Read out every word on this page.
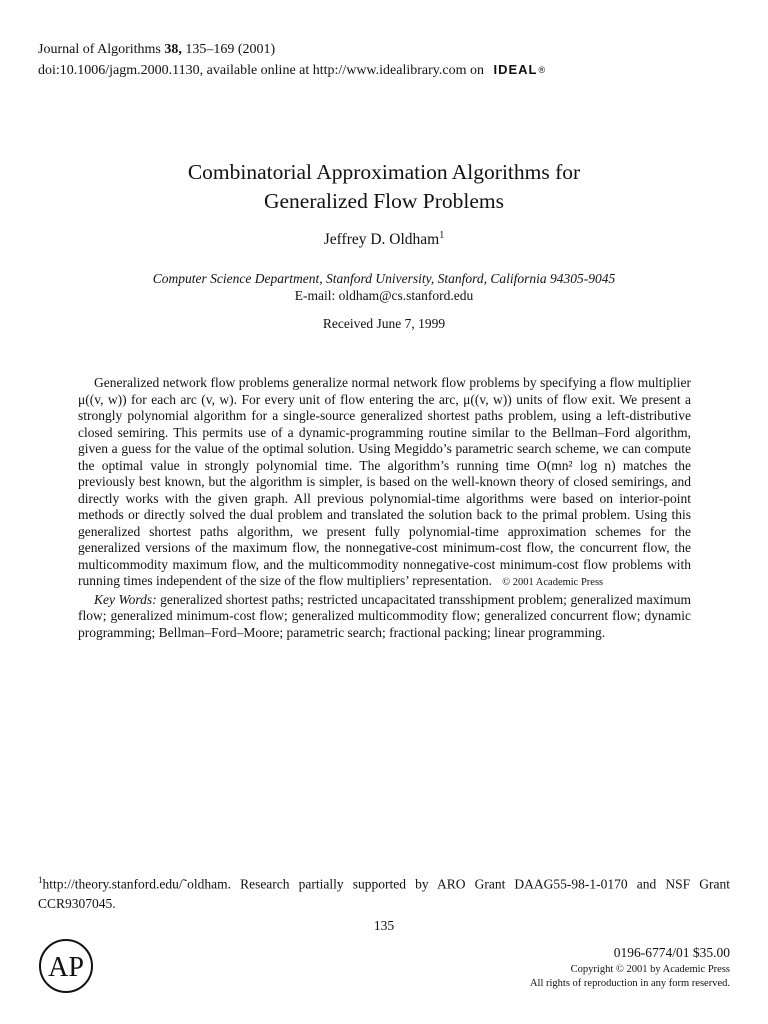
Journal of Algorithms 38, 135–169 (2001)
doi:10.1006/jagm.2000.1130, available online at http://www.idealibrary.com on IDEAL ®
Combinatorial Approximation Algorithms for
Generalized Flow Problems
Jeffrey D. Oldham$^1$
Computer Science Department, Stanford University, Stanford, California 94305-9045
E-mail: oldham@cs.stanford.edu
Received June 7, 1999

Generalized network flow problems generalize normal network flow problems by specifying a flow multiplier μ((v, w)) for each arc (v, w). For every unit of flow entering the arc, μ((v, w)) units of flow exit. We present a strongly polynomial algorithm for a single-source generalized shortest paths problem, using a left-distributive closed semiring. This permits use of a dynamic-programming routine similar to the Bellman–Ford algorithm, given a guess for the value of the optimal solution. Using Megiddo’s parametric search scheme, we can compute the optimal value in strongly polynomial time. The algorithm’s running time O(mn² log n) matches the previously best known, but the algorithm is simpler, is based on the well-known theory of closed semirings, and directly works with the given graph. All previous polynomial-time algorithms were based on interior-point methods or directly solved the dual problem and translated the solution back to the primal problem. Using this generalized shortest paths algorithm, we present fully polynomial-time approximation schemes for the generalized versions of the maximum flow, the nonnegative-cost minimum-cost flow, the concurrent flow, the multicommodity maximum flow, and the multicommodity nonnegative-cost minimum-cost flow problems with running times independent of the size of the flow multipliers’ representation. © 2001 Academic Press

Key Words: generalized shortest paths; restricted uncapacitated transshipment problem; generalized maximum flow; generalized minimum-cost flow; generalized multicommodity flow; generalized concurrent flow; dynamic programming; Bellman–Ford–Moore; parametric search; fractional packing; linear programming.

$^1$http://theory.stanford.edu/˜oldham. Research partially supported by ARO Grant DAAG55-98-1-0170 and NSF Grant CCR9307045.
135
AP	0196-6774/01 $35.00
Copyright © 2001 by Academic Press
All rights of reproduction in any form reserved.
